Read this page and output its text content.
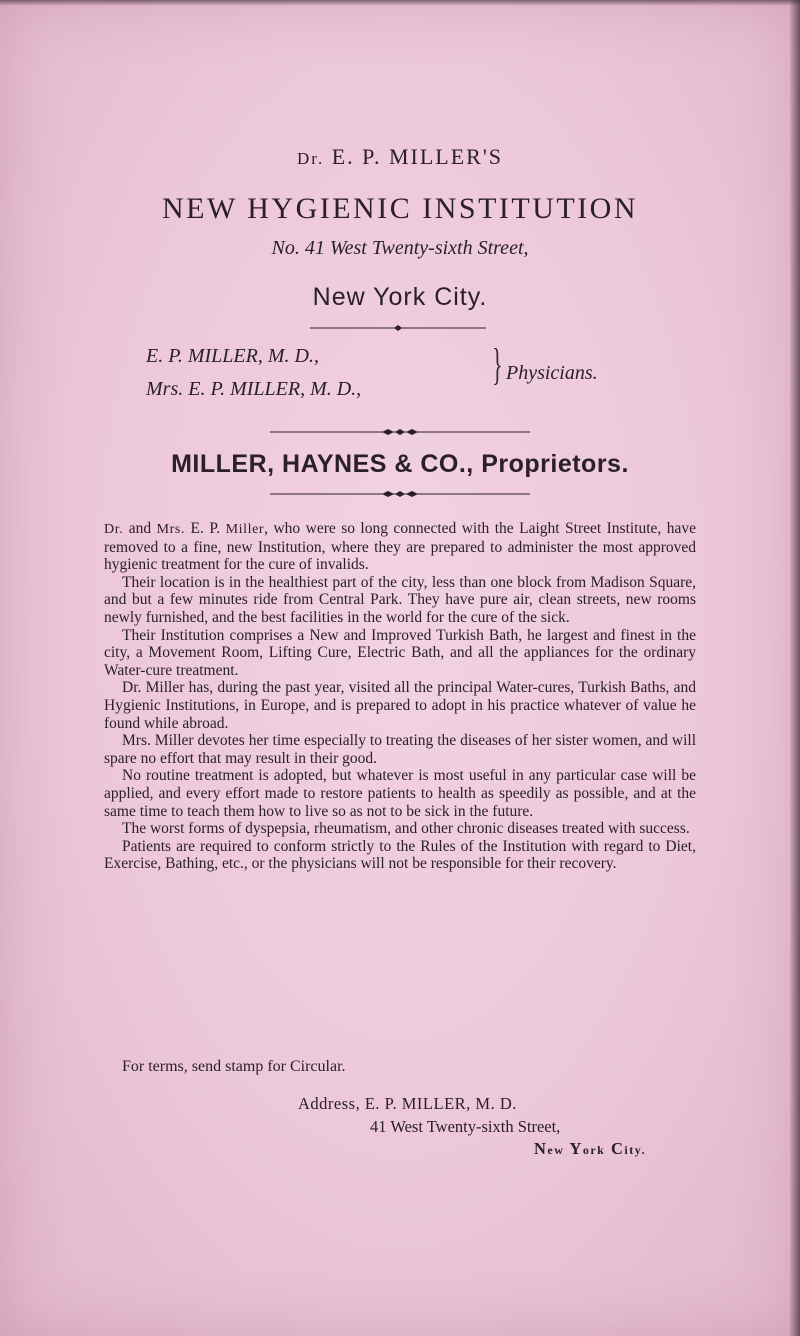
Dr. E. P. MILLER'S
NEW HYGIENIC INSTITUTION
No. 41 West Twenty-sixth Street,
New York City.
E. P. MILLER, M. D.,
Mrs. E. P. MILLER, M. D.,	} Physicians.
MILLER, HAYNES & CO., Proprietors.

Dr. and Mrs. E. P. Miller, who were so long connected with the Laight Street Institute, have removed to a fine, new Institution, where they are prepared to administer the most approved hygienic treatment for the cure of invalids.

Their location is in the healthiest part of the city, less than one block from Madison Square, and but a few minutes ride from Central Park. They have pure air, clean streets, new rooms newly furnished, and the best facilities in the world for the cure of the sick.

Their Institution comprises a New and Improved Turkish Bath, he largest and finest in the city, a Movement Room, Lifting Cure, Electric Bath, and all the appliances for the ordinary Water-cure treatment.

Dr. Miller has, during the past year, visited all the principal Water-cures, Turkish Baths, and Hygienic Institutions, in Europe, and is prepared to adopt in his practice whatever of value he found while abroad.

Mrs. Miller devotes her time especially to treating the diseases of her sister women, and will spare no effort that may result in their good.

No routine treatment is adopted, but whatever is most useful in any particular case will be applied, and every effort made to restore patients to health as speedily as possible, and at the same time to teach them how to live so as not to be sick in the future.

The worst forms of dyspepsia, rheumatism, and other chronic diseases treated with success.

Patients are required to conform strictly to the Rules of the Institution with regard to Diet, Exercise, Bathing, etc., or the physicians will not be responsible for their recovery.

For terms, send stamp for Circular.
Address, E. P. MILLER, M. D.
41 West Twenty-sixth Street,
New York City.
